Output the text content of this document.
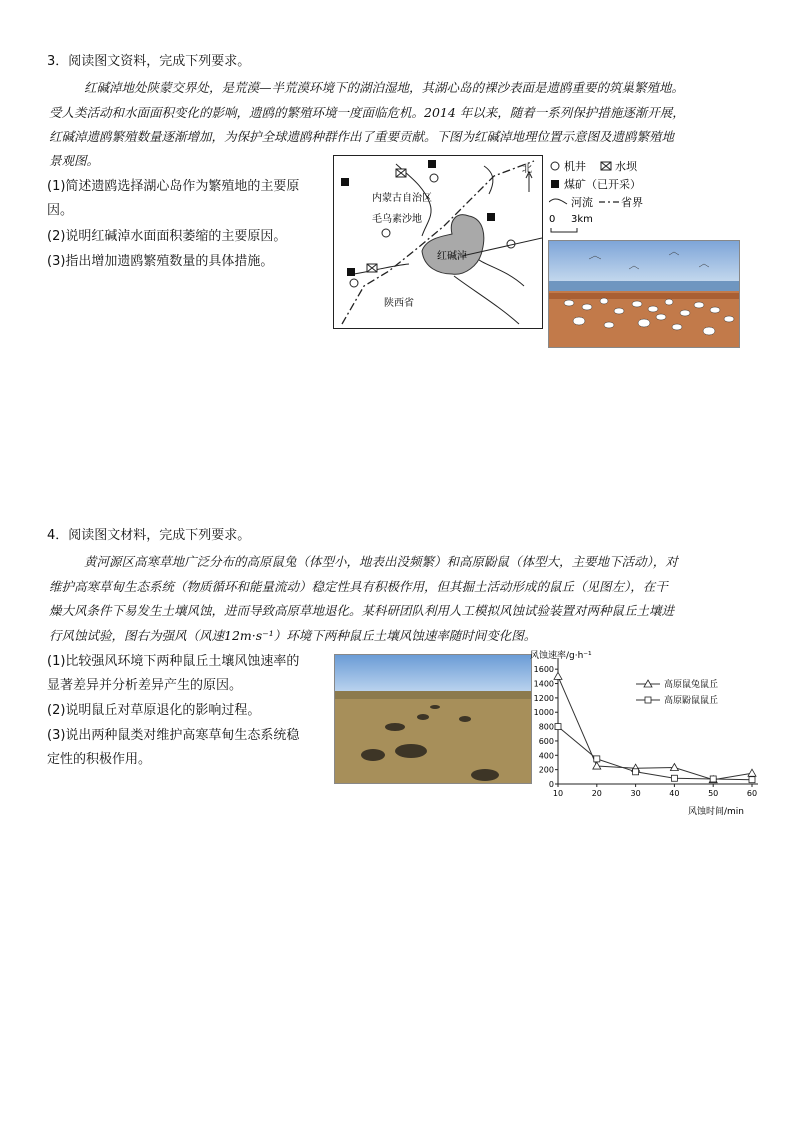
3．阅读图文资料，完成下列要求。
红碱淖地处陕蒙交界处，是荒漠—半荒漠环境下的湖泊湿地，其湖心岛的裸沙表面是遗鸥重要的筑巢繁殖地。
受人类活动和水面面积变化的影响，遗鸥的繁殖环境一度面临危机。2014 年以来，随着一系列保护措施逐渐开展，
红碱淖遗鸥繁殖数量逐渐增加，为保护全球遗鸥种群作出了重要贡献。下图为红碱淖地理位置示意图及遗鸥繁殖地
景观图。
(1)简述遗鸥选择湖心岛作为繁殖地的主要原
因。
(2)说明红碱淖水面面积萎缩的主要原因。
(3)指出增加遗鸥繁殖数量的具体措施。
北
内蒙古自治区
毛乌素沙地
红碱淖
陕西省
机井	水坝
煤矿（已开采）
河流	省界
0 3km
4．阅读图文材料，完成下列要求。
黄河源区高寒草地广泛分布的高原鼠兔（体型小，地表出没频繁）和高原鼢鼠（体型大，主要地下活动），对
维护高寒草甸生态系统（物质循环和能量流动）稳定性具有积极作用，但其掘土活动形成的鼠丘（见图左），在干
燥大风条件下易发生土壤风蚀，进而导致高原草地退化。某科研团队利用人工模拟风蚀试验装置对两种鼠丘土壤进
行风蚀试验，图右为强风（风速12m·s⁻¹）环境下两种鼠丘土壤风蚀速率随时间变化图。
(1)比较强风环境下两种鼠丘土壤风蚀速率的
显著差异并分析差异产生的原因。
(2)说明鼠丘对草原退化的影响过程。
(3)说出两种鼠类对维护高寒草甸生态系统稳
定性的积极作用。
风蚀速率/g·h⁻¹
风蚀时间/min
0
200
400
600
800
1000
1200
1400
1600
10	20	30	40	50	60
高原鼠兔鼠丘
高原鼢鼠鼠丘
